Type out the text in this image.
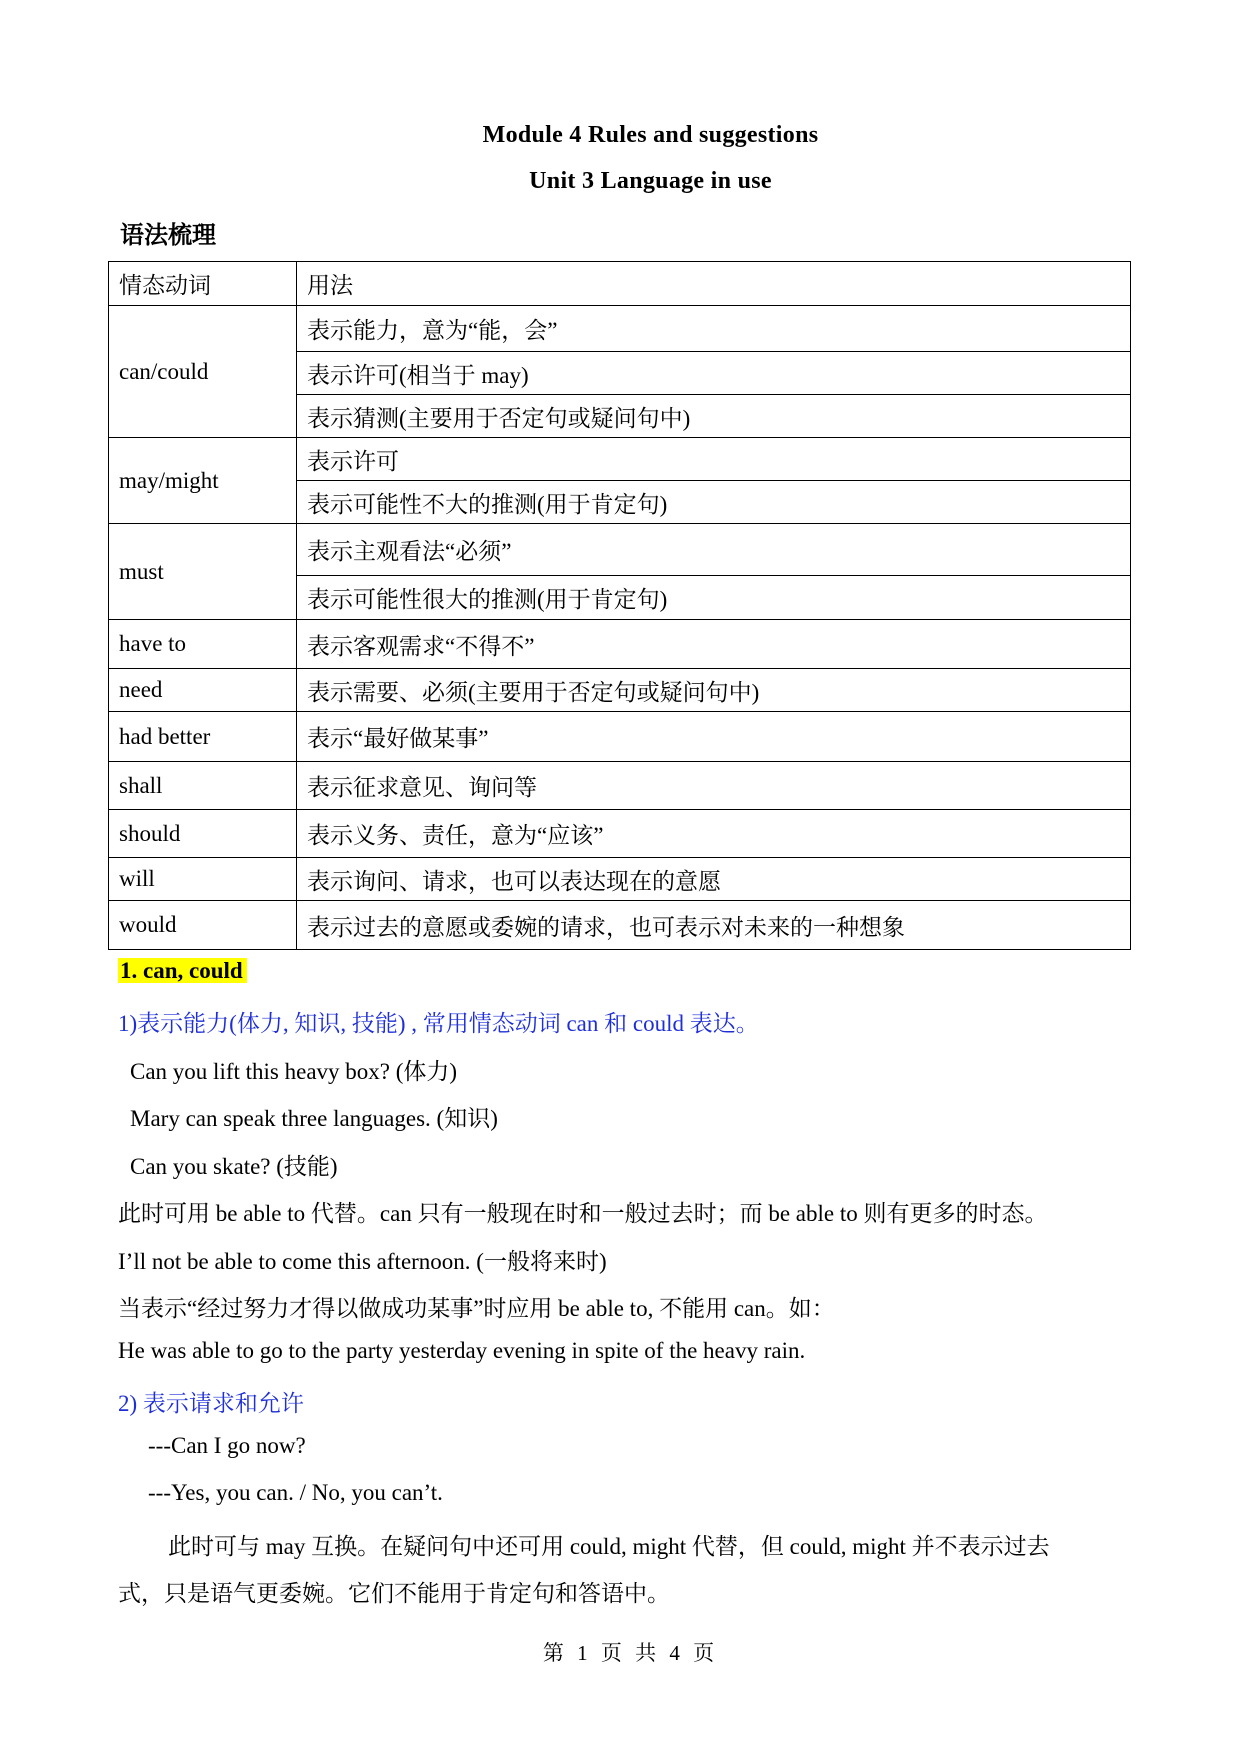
Module 4 Rules and suggestions
Unit 3 Language in use
语法梳理
情态动词	用法
can/could	表示能力，意为“能，会”
	表示许可(相当于 may)
	表示猜测(主要用于否定句或疑问句中)
may/might	表示许可
	表示可能性不大的推测(用于肯定句)
must	表示主观看法“必须”
	表示可能性很大的推测(用于肯定句)
have to	表示客观需求“不得不”
need	表示需要、必须(主要用于否定句或疑问句中)
had better	表示“最好做某事”
shall	表示征求意见、询问等
should	表示义务、责任，意为“应该”
will	表示询问、请求，也可以表达现在的意愿
would	表示过去的意愿或委婉的请求，也可表示对未来的一种想象
1. can, could
1)表示能力(体力, 知识, 技能) , 常用情态动词 can 和 could 表达。
Can you lift this heavy box? (体力)
Mary can speak three languages. (知识)
Can you skate? (技能)
此时可用 be able to 代替。can 只有一般现在时和一般过去时；而 be able to 则有更多的时态。
I’ll not be able to come this afternoon. (一般将来时)
当表示“经过努力才得以做成功某事”时应用 be able to, 不能用 can。如：
He was able to go to the party yesterday evening in spite of the heavy rain.
2) 表示请求和允许
---Can I go now?
---Yes, you can. / No, you can’t.
此时可与 may 互换。在疑问句中还可用 could, might 代替，但 could, might 并不表示过去
式，只是语气更委婉。它们不能用于肯定句和答语中。
第 1 页 共 4 页
